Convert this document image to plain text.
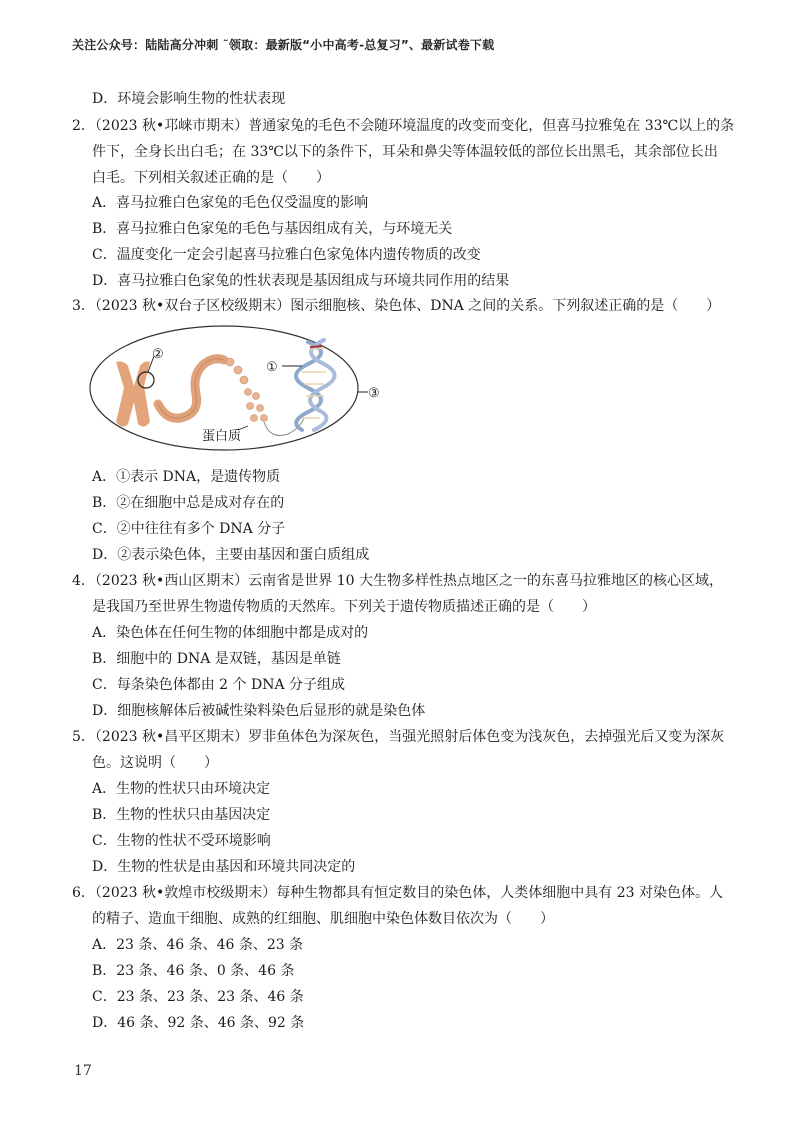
关注公众号：陆陆高分冲刺 ˜领取：最新版“小中高考-总复习”、最新试卷下载
D．环境会影响生物的性状表现
2．（2023 秋•邛崃市期末）普通家兔的毛色不会随环境温度的改变而变化，但喜马拉雅兔在 33℃以上的条
件下，全身长出白毛；在 33℃以下的条件下，耳朵和鼻尖等体温较低的部位长出黑毛，其余部位长出
白毛。下列相关叙述正确的是（　　）
A．喜马拉雅白色家兔的毛色仅受温度的影响
B．喜马拉雅白色家兔的毛色与基因组成有关，与环境无关
C．温度变化一定会引起喜马拉雅白色家兔体内遗传物质的改变
D．喜马拉雅白色家兔的性状表现是基因组成与环境共同作用的结果
3．（2023 秋•双台子区校级期末）图示细胞核、染色体、DNA 之间的关系。下列叙述正确的是（　　）
①
②
③
蛋白质
A．①表示 DNA，是遗传物质
B．②在细胞中总是成对存在的
C．②中往往有多个 DNA 分子
D．②表示染色体，主要由基因和蛋白质组成
4．（2023 秋•西山区期末）云南省是世界 10 大生物多样性热点地区之一的东喜马拉雅地区的核心区域，
是我国乃至世界生物遗传物质的天然库。下列关于遗传物质描述正确的是（　　）
A．染色体在任何生物的体细胞中都是成对的
B．细胞中的 DNA 是双链，基因是单链
C．每条染色体都由 2 个 DNA 分子组成
D．细胞核解体后被碱性染料染色后显形的就是染色体
5．（2023 秋•昌平区期末）罗非鱼体色为深灰色，当强光照射后体色变为浅灰色，去掉强光后又变为深灰
色。这说明（　　）
A．生物的性状只由环境决定
B．生物的性状只由基因决定
C．生物的性状不受环境影响
D．生物的性状是由基因和环境共同决定的
6．（2023 秋•敦煌市校级期末）每种生物都具有恒定数目的染色体，人类体细胞中具有 23 对染色体。人
的精子、造血干细胞、成熟的红细胞、肌细胞中染色体数目依次为（　　）
A．23 条、46 条、46 条、23 条
B．23 条、46 条、0 条、46 条
C．23 条、23 条、23 条、46 条
D．46 条、92 条、46 条、92 条
17
